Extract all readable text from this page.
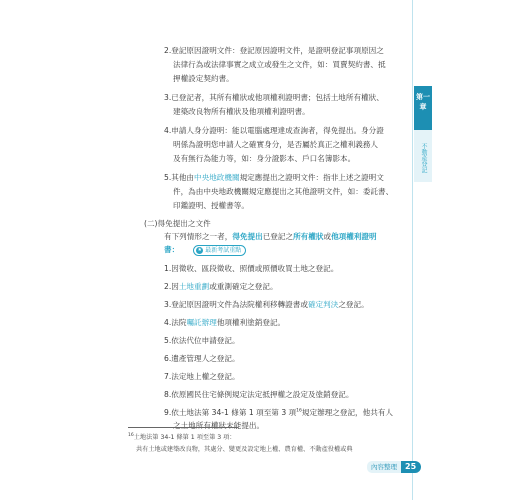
2.登記原因證明文件：登記原因證明文件，是證明登記事項原因之

法律行為或法律事實之成立或發生之文件，如：買賣契約書、抵

押權設定契約書。

3.已登記者，其所有權狀或他項權利證明書；包括土地所有權狀、

建築改良物所有權狀及他項權利證明書。

4.申請人身分證明：能以電腦處理達成查詢者，得免提出。身分證

明係為證明您申請人之確實身分，是否屬於真正之權利義務人

及有無行為能力等，如：身分證影本、戶口名簿影本。

5.其他由中央地政機關規定應提出之證明文件：指非上述之證明文

件，為由中央地政機關規定應提出之其他證明文件，如：委託書、

印鑑證明、授權書等。

(二)得免提出之文件

有下列情形之一者，得免提出已登記之所有權狀或他項權利證明

書：	★ 最新考試重點

1.因徵收、區段徵收、照價或照價收買土地之登記。

2.因土地重劃或重測確定之登記。

3.登記原因證明文件為法院權利移轉證書或確定判決之登記。

4.法院囑託辦理他項權利塗銷登記。

5.依法代位申請登記。

6.遺產管理人之登記。

7.法定地上權之登記。

8.依原國民住宅條例規定法定抵押權之設定及塗銷登記。

9.依土地法第 34-1 條第 1 項至第 3 項$^{16}$規定辦理之登記，他共有人

之土地所有權狀未能提出。

$^{16}$土地法第 34-1 條第 1 項至第 3 項：
共有土地或建築改良物，其處分、變更及設定地上權、農育權、不動產役權或典
第一章
不動產登記
內容整理 25
